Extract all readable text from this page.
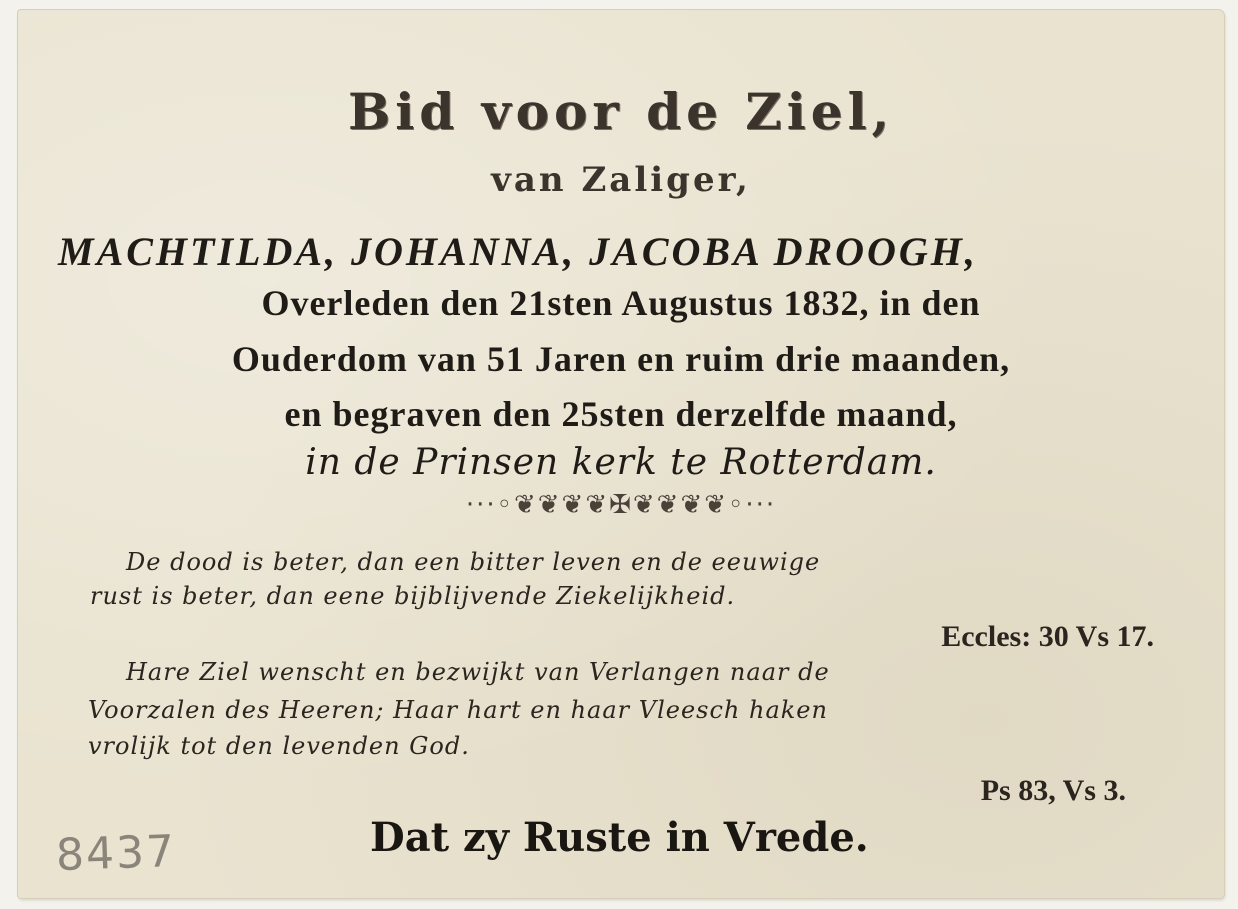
Bid voor de Ziel,
van Zaliger,
MACHTILDA, JOHANNA, JACOBA DROOGH,
Overleden den 21sten Augustus 1832, in den
Ouderdom van 51 Jaren en ruim drie maanden,
en begraven den 25sten derzelfde maand,
in de Prinsen kerk te Rotterdam.
···◦❦❦❦❦✠❦❦❦❦◦···
De dood is beter, dan een bitter leven en de eeuwige
rust is beter, dan eene bijblijvende Ziekelijkheid.
Eccles: 30 Vs 17.
Hare Ziel wenscht en bezwijkt van Verlangen naar de
Voorzalen des Heeren; Haar hart en haar Vleesch haken
vrolijk tot den levenden God.
Ps 83, Vs 3.
Dat zy Ruste in Vrede.
8437
